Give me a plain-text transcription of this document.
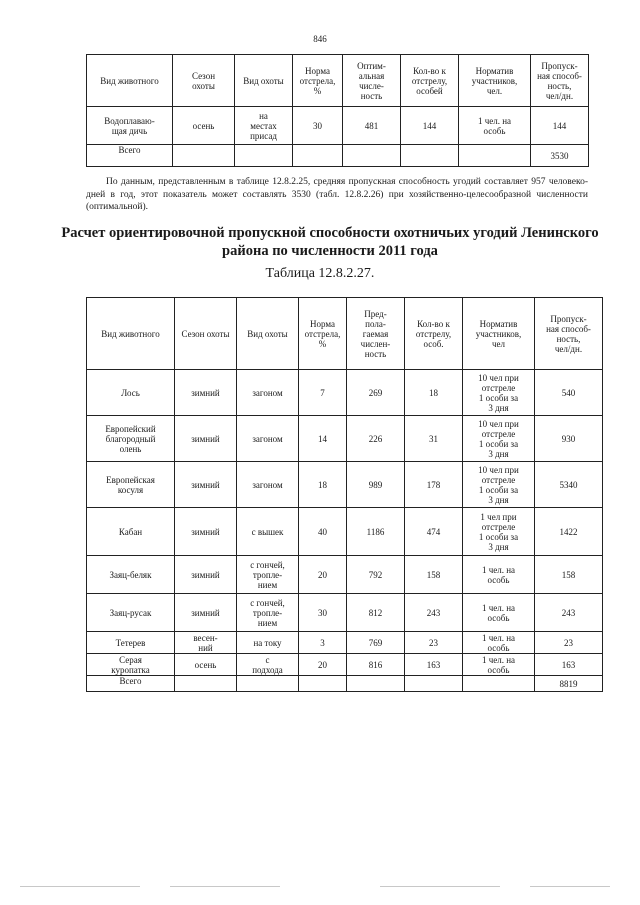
846
Вид животного	Сезон
охоты	Вид охоты	Норма
отстрела,
%	Оптим-
альная
числе-
ность	Кол-во к
отстрелу,
особей	Норматив
участников,
чел.	Пропуск-
ная способ-
ность,
чел/дн.

Водоплаваю-
щая дичь	осень	на
местах
присад	30	481	144	1 чел. на
особь	144

Всего							3530
По данным, представленным в таблице 12.8.2.25, средняя пропускная способность угодий составляет 957 человеко-дней в год, этот показатель может составлять 3530 (табл. 12.8.2.26) при хозяйственно-целесообразной численности (оптимальной).
Расчет ориентировочной пропускной способности охотничьих угодий Ленинского района по численности 2011 года
Таблица 12.8.2.27.
Вид животного	Сезон охоты	Вид охоты	Норма
отстрела,
%	Пред-
пола-
гаемая
числен-
ность	Кол-во к
отстрелу,
особ.	Норматив
участников,
чел	Пропуск-
ная способ-
ность,
чел/дн.

Лось	зимний	загоном	7	269	18	10 чел при
отстреле
1 особи за
3 дня	540

Европейский
благородный
олень	зимний	загоном	14	226	31	10 чел при
отстреле
1 особи за
3 дня	930

Европейская
косуля	зимний	загоном	18	989	178	10 чел при
отстреле
1 особи за
3 дня	5340

Кабан	зимний	с вышек	40	1186	474	1 чел при
отстреле
1 особи за
3 дня	1422

Заяц-беляк	зимний	с гончей,
тропле-
нием	20	792	158	1 чел. на
особь	158

Заяц-русак	зимний	с гончей,
тропле-
нием	30	812	243	1 чел. на
особь	243

Тетерев	весен-
ний	на току	3	769	23	1 чел. на
особь	23

Серая
куропатка	осень	с
подхода	20	816	163	1 чел. на
особь	163

Всего							8819
